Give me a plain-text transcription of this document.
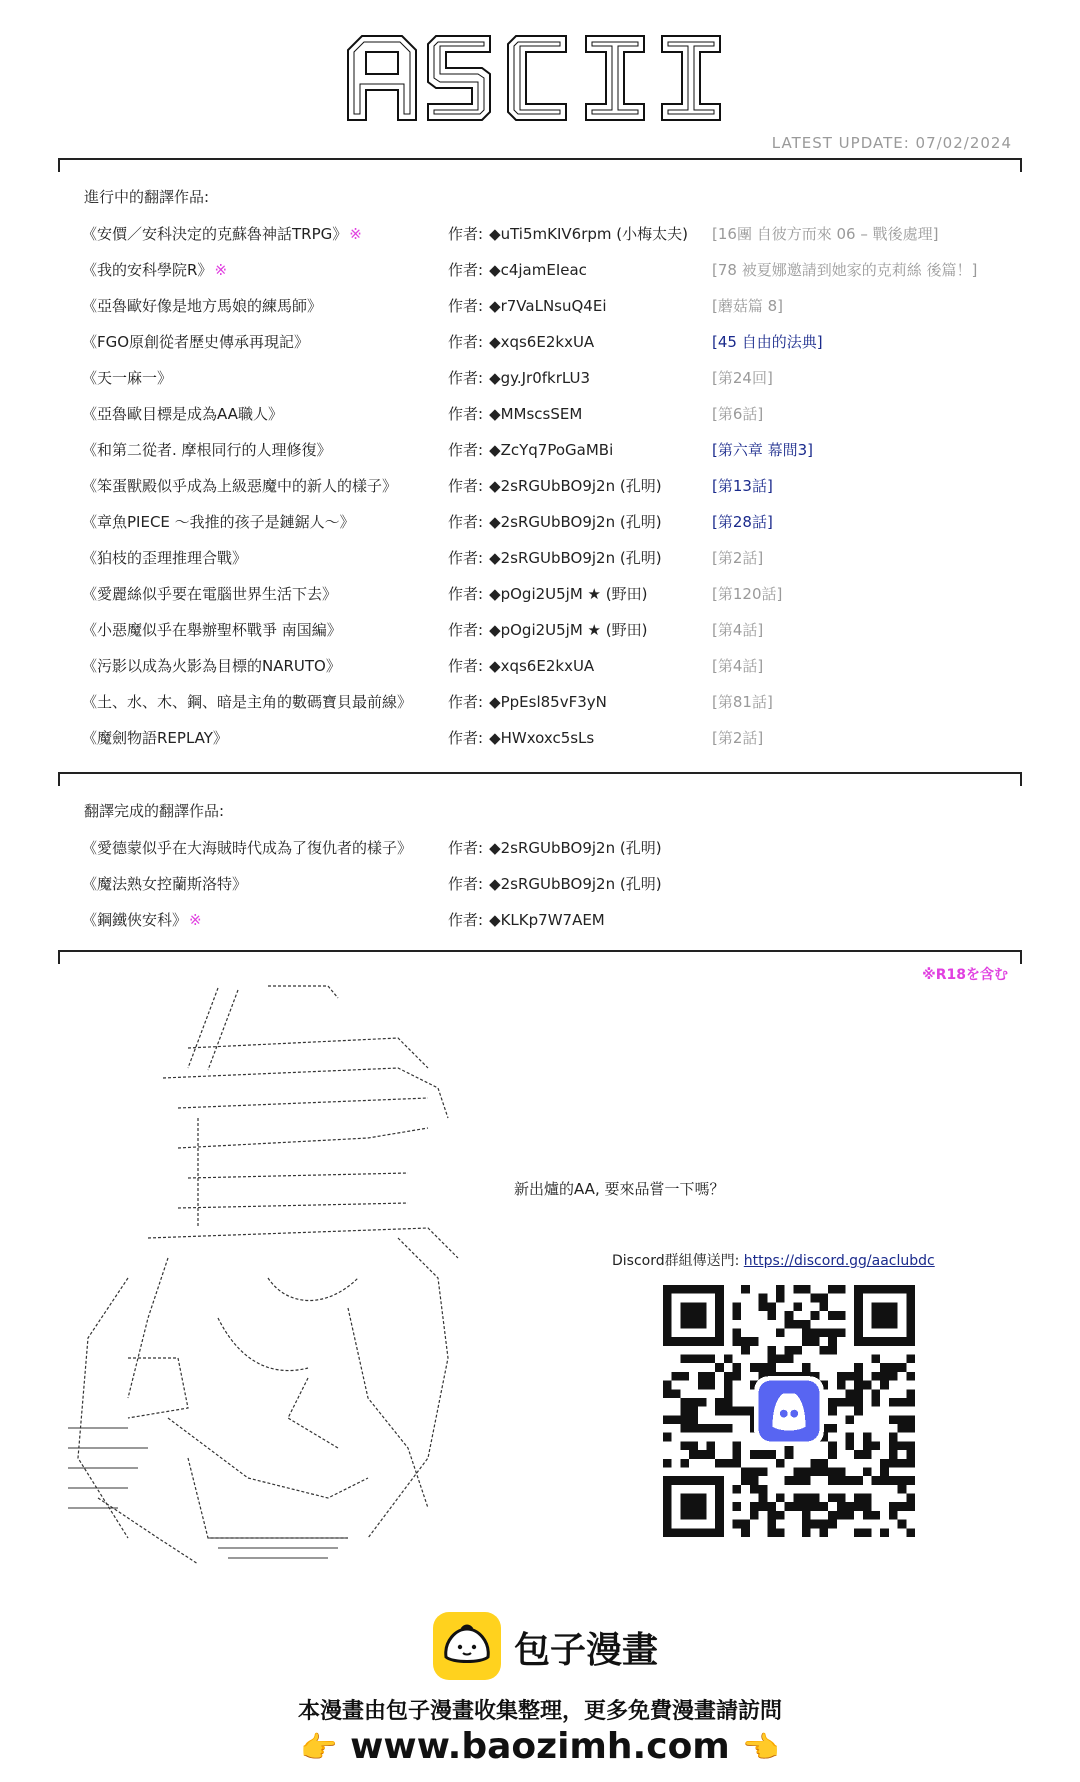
LATEST UPDATE: 07/02/2024
進行中的翻譯作品:
《安價／安科決定的克蘇魯神話TRPG》 ※	作者: ◆uTi5mKIV6rpm (小梅太夫) [16團 自彼方而來 06 – 戰後處理]
《我的安科學院R》 ※	作者: ◆c4jamEIeac	[78 被夏娜邀請到她家的克莉絲 後篇！]
《亞魯歐好像是地方馬娘的練馬師》	作者: ◆r7VaLNsuQ4Ei	[蘑菇篇 8]
《FGO原創從者歷史傳承再現記》	作者: ◆xqs6E2kxUA	[45 自由的法典]
《天一麻一》	作者: ◆gy.Jr0fkrLU3	[第24回]
《亞魯歐目標是成為AA職人》	作者: ◆MMscsSEM	[第6話]
《和第二從者. 摩根同行的人理修復》	作者: ◆ZcYq7PoGaMBi	[第六章 幕間3]
《笨蛋獸殿似乎成為上級惡魔中的新人的樣子》	作者: ◆2sRGUbBO9j2n (孔明)	[第13話]
《章魚PIECE ～我推的孩子是鏈鋸人～》	作者: ◆2sRGUbBO9j2n (孔明)	[第28話]
《狛枝的歪理推理合戰》	作者: ◆2sRGUbBO9j2n (孔明)	[第2話]
《愛麗絲似乎要在電腦世界生活下去》	作者: ◆pOgi2U5jM ★ (野田)	[第120話]
《小惡魔似乎在舉辦聖杯戰爭 南国編》	作者: ◆pOgi2U5jM ★ (野田)	[第4話]
《污影以成為火影為目標的NARUTO》	作者: ◆xqs6E2kxUA	[第4話]
《土、水、木、鋼、暗是主角的數碼寶貝最前線》 作者: ◆PpEsl85vF3yN	[第81話]
《魔劍物語REPLAY》	作者: ◆HWxoxc5sLs	[第2話]
翻譯完成的翻譯作品:
《愛德蒙似乎在大海賊時代成為了復仇者的樣子》 作者: ◆2sRGUbBO9j2n (孔明)
《魔法熟女控蘭斯洛特》	作者: ◆2sRGUbBO9j2n (孔明)
《鋼鐵俠安科》 ※	作者: ◆KLKp7W7AEM
※R18を含む
新出爐的AA, 要來品嘗一下嗎？
Discord群組傳送門: https://discord.gg/aaclubdc
包子漫畫
本漫畫由包子漫畫收集整理，更多免費漫畫請訪問
👉 www.baozimh.com 👈
